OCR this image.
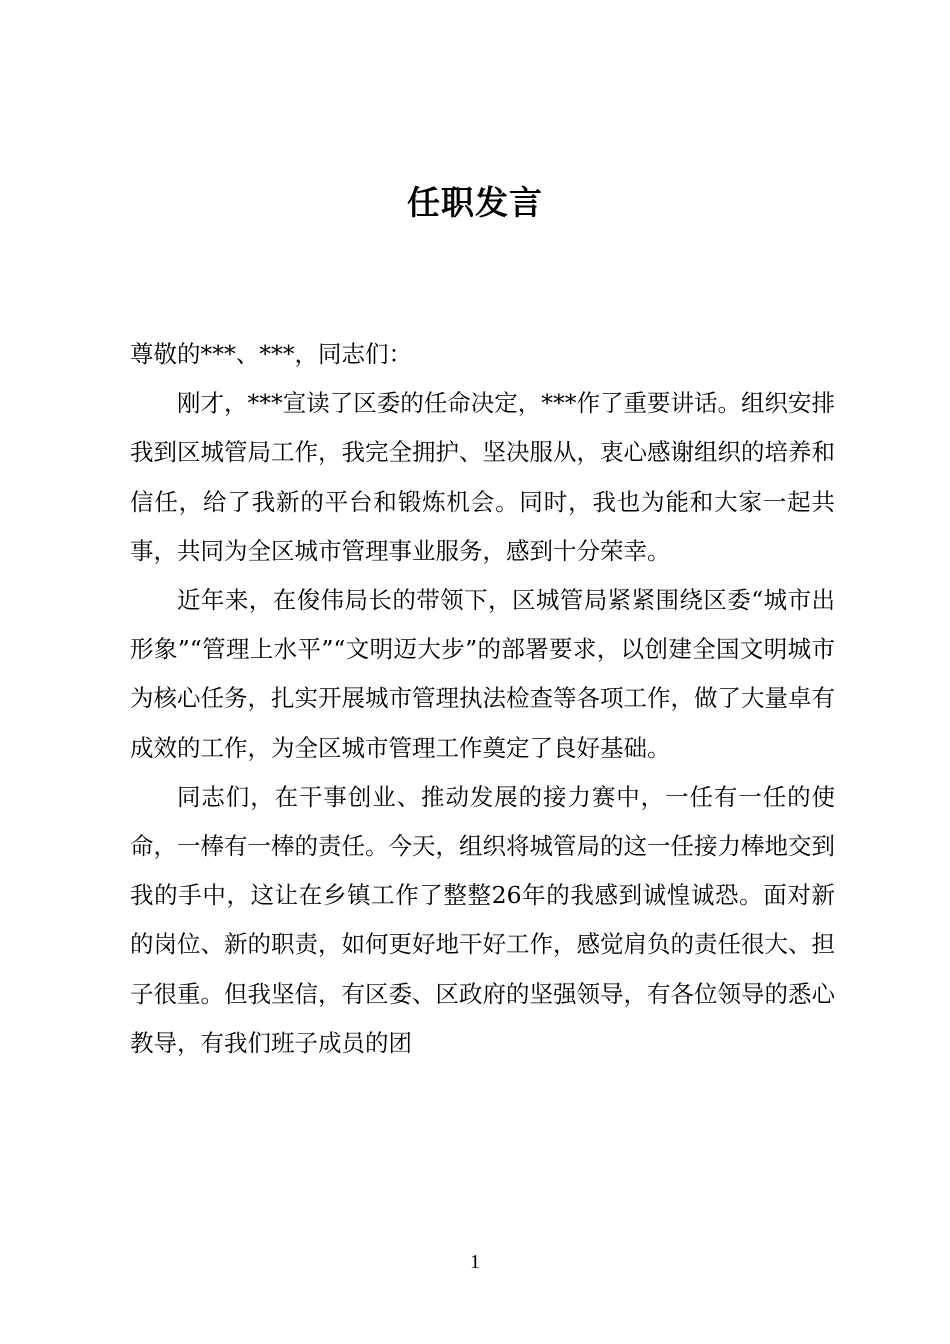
任职发言

尊敬的***、***，同志们：

刚才，***宣读了区委的任命决定，***作了重要讲话。组织安排我到区城管局工作，我完全拥护、坚决服从，衷心感谢组织的培养和信任，给了我新的平台和锻炼机会。同时，我也为能和大家一起共事，共同为全区城市管理事业服务，感到十分荣幸。

近年来，在俊伟局长的带领下，区城管局紧紧围绕区委“城市出形象”“管理上水平”“文明迈大步”的部署要求，以创建全国文明城市为核心任务，扎实开展城市管理执法检查等各项工作，做了大量卓有成效的工作，为全区城市管理工作奠定了良好基础。

同志们，在干事创业、推动发展的接力赛中，一任有一任的使命，一棒有一棒的责任。今天，组织将城管局的这一任接力棒地交到我的手中，这让在乡镇工作了整整26年的我感到诚惶诚恐。面对新的岗位、新的职责，如何更好地干好工作，感觉肩负的责任很大、担子很重。但我坚信，有区委、区政府的坚强领导，有各位领导的悉心教导，有我们班子成员的团

1
